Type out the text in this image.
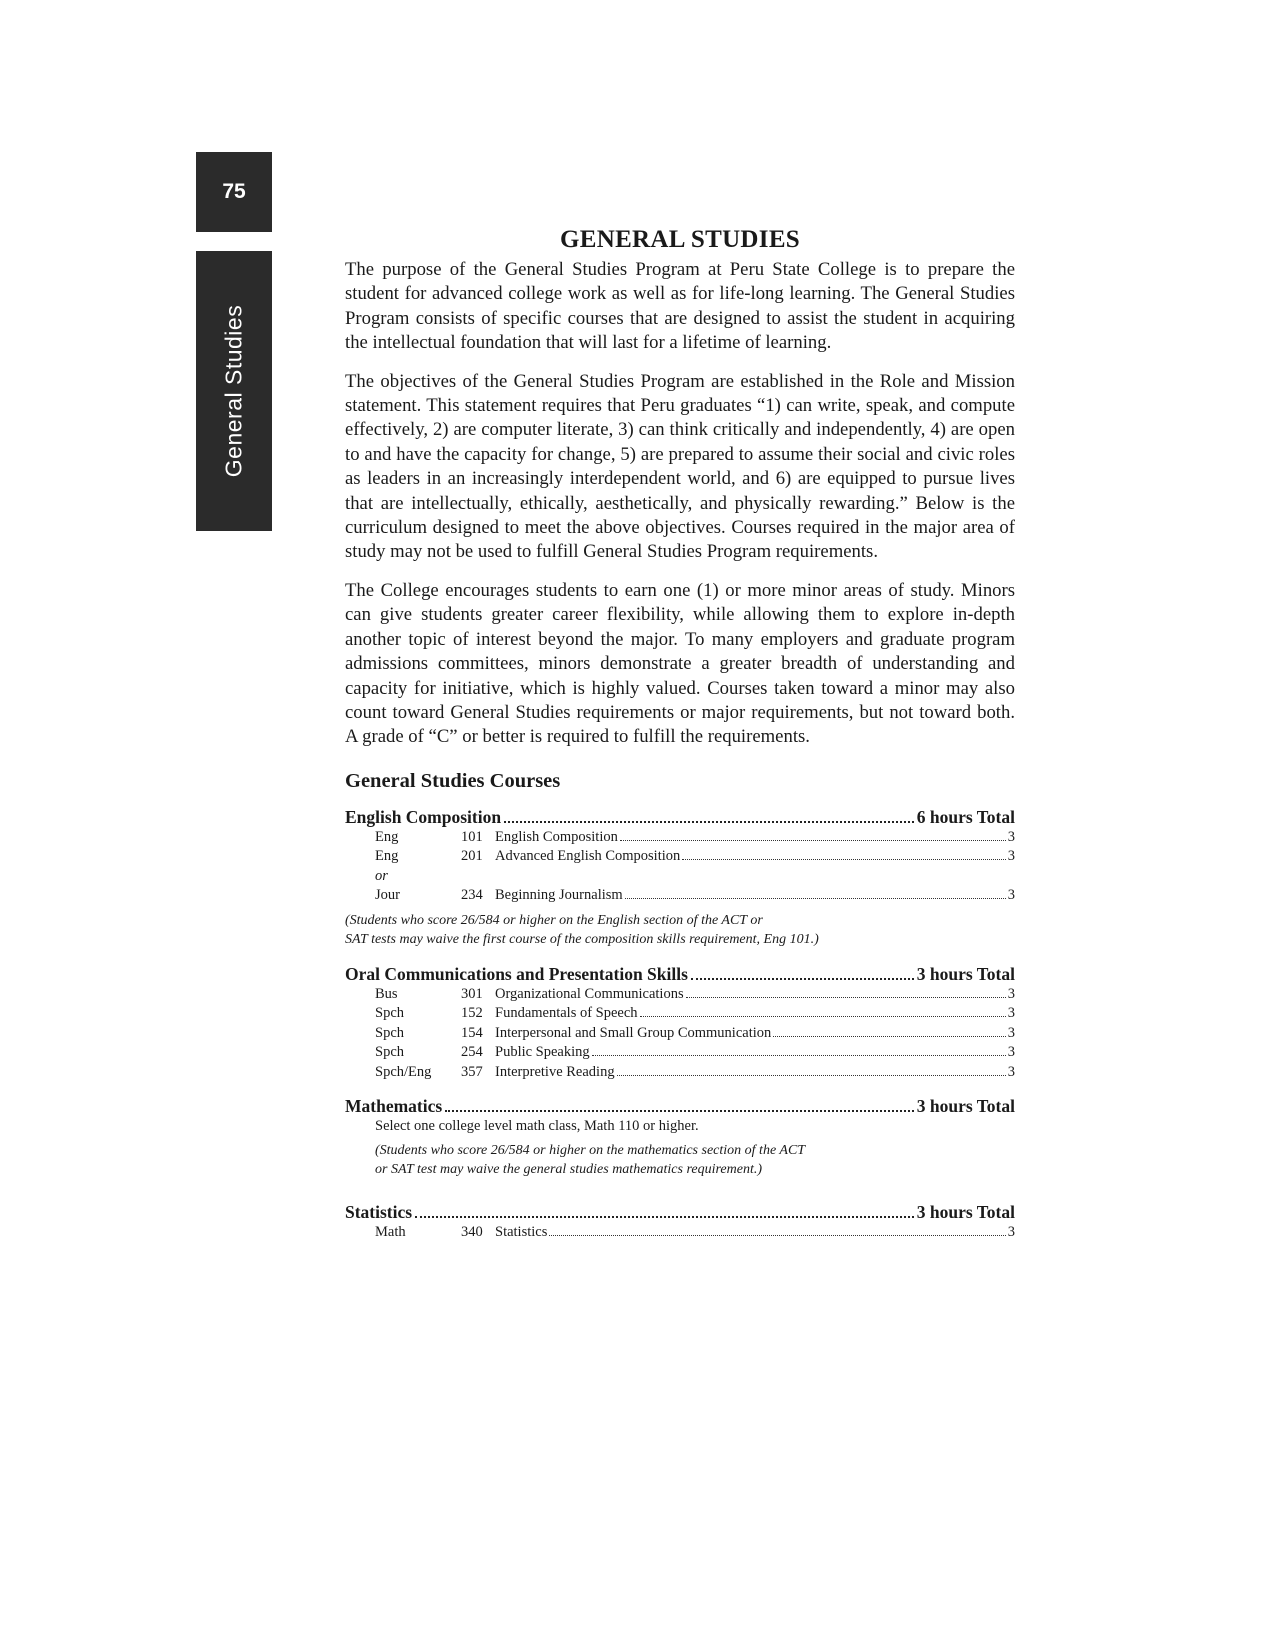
75
General Studies
GENERAL STUDIES

The purpose of the General Studies Program at Peru State College is to prepare the student for advanced college work as well as for life-long learning. The General Studies Program consists of specific courses that are designed to assist the student in acquiring the intellectual foundation that will last for a lifetime of learning.

The objectives of the General Studies Program are established in the Role and Mission statement. This statement requires that Peru graduates “1) can write, speak, and compute effectively, 2) are computer literate, 3) can think critically and independently, 4) are open to and have the capacity for change, 5) are prepared to assume their social and civic roles as leaders in an increasingly interdependent world, and 6) are equipped to pursue lives that are intellectually, ethically, aesthetically, and physically rewarding.” Below is the curriculum designed to meet the above objectives. Courses required in the major area of study may not be used to fulfill General Studies Program requirements.

The College encourages students to earn one (1) or more minor areas of study. Minors can give students greater career flexibility, while allowing them to explore in-depth another topic of interest beyond the major. To many employers and graduate program admissions committees, minors demonstrate a greater breadth of understanding and capacity for initiative, which is highly valued. Courses taken toward a minor may also count toward General Studies requirements or major requirements, but not toward both. A grade of “C” or better is required to fulfill the requirements.

General Studies Courses
English Composition	6 hours Total
Eng	101 English Composition	3
Eng	201 Advanced English Composition	3
or
Jour	234 Beginning Journalism	3
(Students who score 26/584 or higher on the English section of the ACT or
SAT tests may waive the first course of the composition skills requirement, Eng 101.)
Oral Communications and Presentation Skills	3 hours Total
Bus	301 Organizational Communications	3
Spch	152 Fundamentals of Speech	3
Spch	154 Interpersonal and Small Group Communication	3
Spch	254 Public Speaking	3
Spch/Eng	357 Interpretive Reading	3
Mathematics	3 hours Total
Select one college level math class, Math 110 or higher.
(Students who score 26/584 or higher on the mathematics section of the ACT
or SAT test may waive the general studies mathematics requirement.)
Statistics	3 hours Total
Math	340 Statistics	3
